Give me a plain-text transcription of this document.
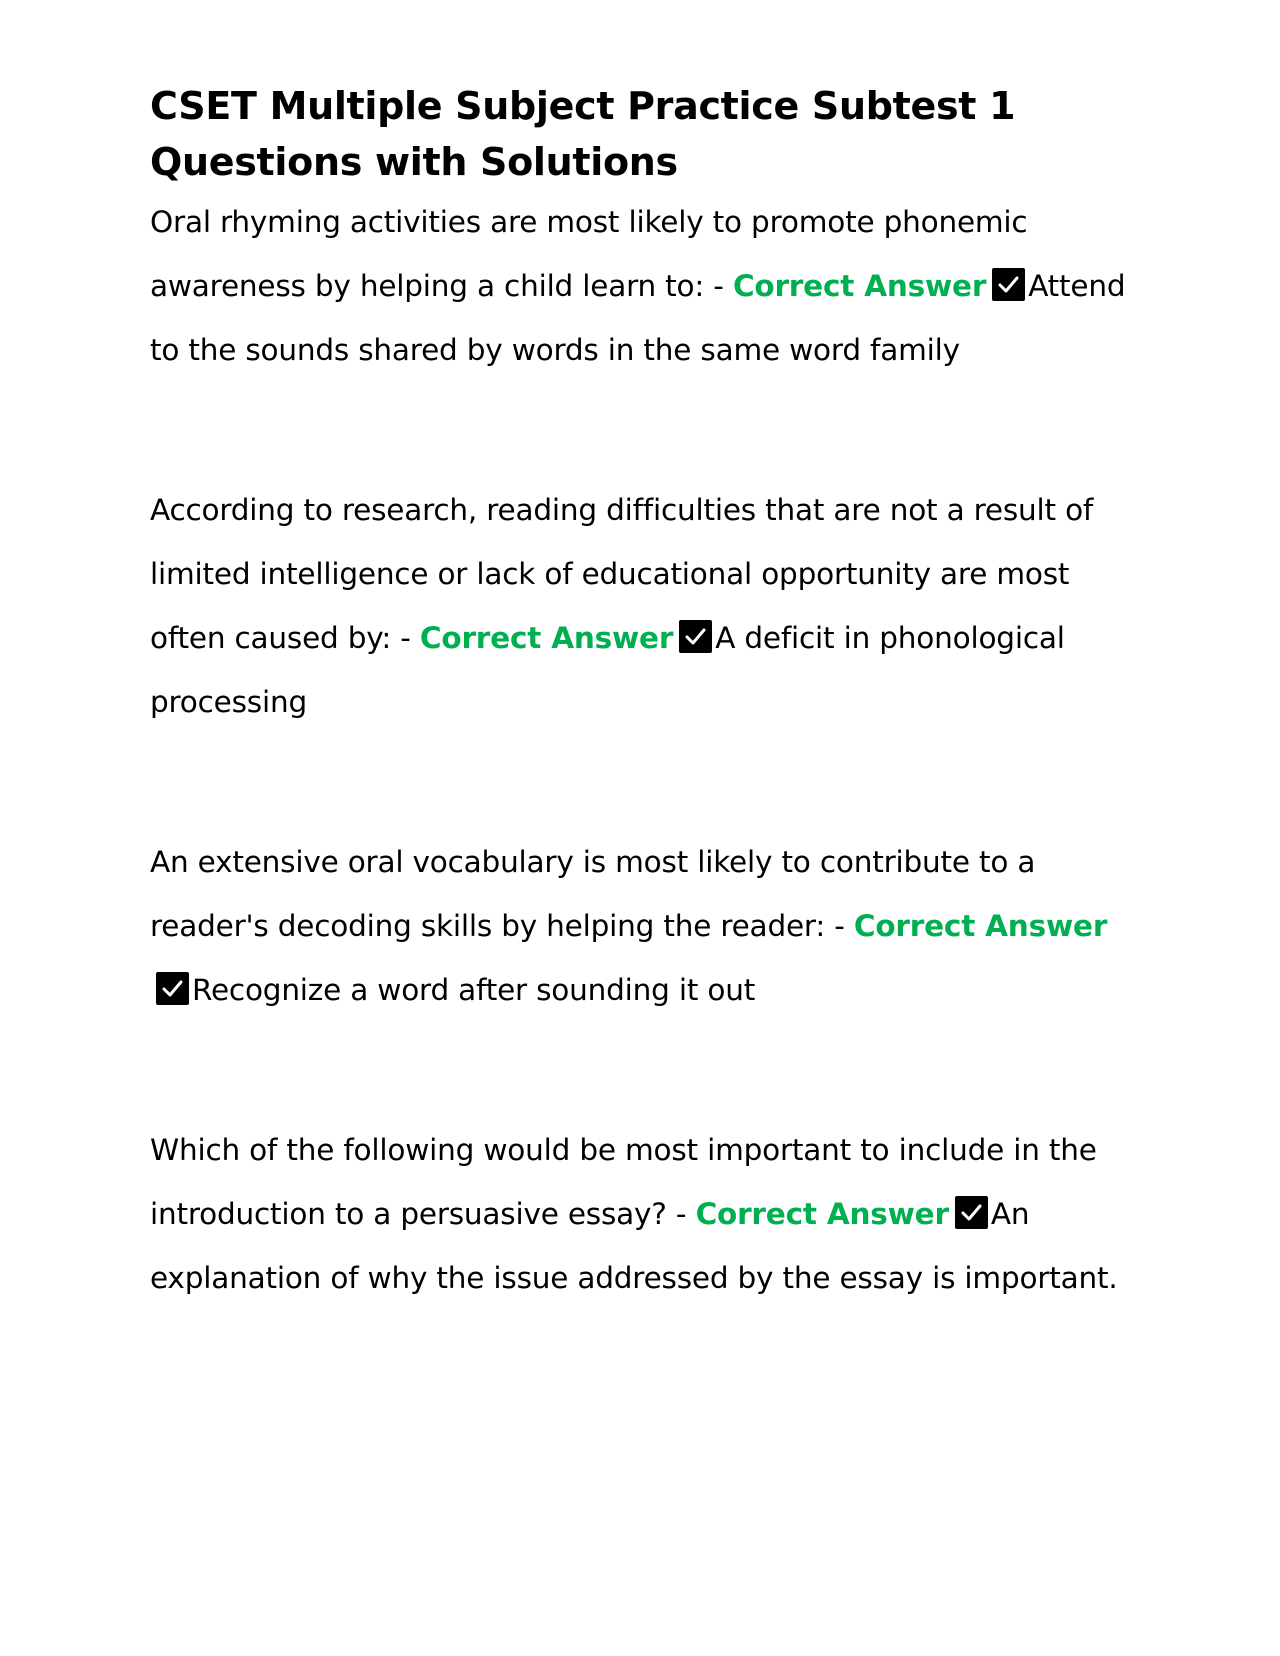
CSET Multiple Subject Practice Subtest 1 Questions with Solutions

Oral rhyming activities are most likely to promote phonemic awareness by helping a child learn to: - Correct Answer Attend to the sounds shared by words in the same word family

According to research, reading difficulties that are not a result of limited intelligence or lack of educational opportunity are most often caused by: - Correct Answer A deficit in phonological processing

An extensive oral vocabulary is most likely to contribute to a reader's decoding skills by helping the reader: - Correct Answer
Recognize a word after sounding it out

Which of the following would be most important to include in the introduction to a persuasive essay? - Correct Answer An explanation of why the issue addressed by the essay is important.
